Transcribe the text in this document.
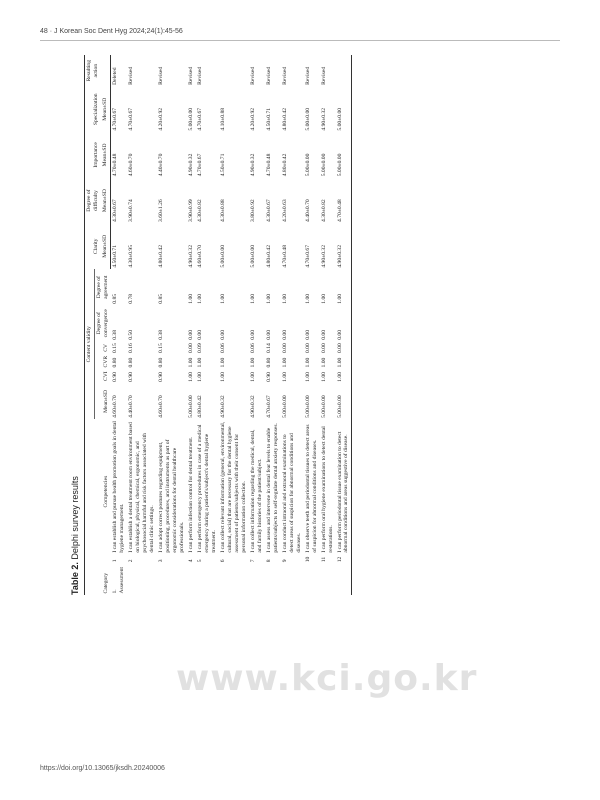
48 · J Korean Soc Dent Hyg 2024;24(1):45-56
Table 2. Delphi survey results
Category	Competencies		Content validity						Clarity	Degree of difficulty	Importance	Specialization	Resulting action
			Mean±SD	CVI	CVR	CV	Degree of convergence	Degree of agreement					
									Mean±SD	Mean±SD	Mean±SD	Mean±SD	
1. Assessment	1	I can establish and pursue health promotion goals in dental hygiene management.	4.60±0.70	0.90	0.80	0.15	0.38	0.85	4.50±0.71	4.30±0.67	4.70±0.48	4.70±0.67	Deleted
	2	I can establish a dental treatment room environment based on biological, physical, chemical, ergonomic, and psychosocial harmful and risk factors associated with dental clinic settings.	4.40±0.70	0.90	0.80	0.16	0.50	0.78	4.30±0.95	3.90±0.74	4.60±0.70	4.70±0.67	Revised
	3	I can adopt correct postures regarding equipment, positioning, procedures, and instruments as part of ergonomic considerations for dental healthcare professionals.	4.60±0.70	0.90	0.80	0.15	0.38	0.85	4.80±0.42	3.60±1.26	4.40±0.70	4.20±0.92	Revised
	4	I can perform infection control for dental treatment.	5.00±0.00	1.00	1.00	0.00	0.00	1.00	4.90±0.32	3.90±0.99	4.90±0.32	5.00±0.00	Revised
	5	I can perform emergency procedures in case of a medical emergency during a patient's/subject's dental hygiene treatment.	4.80±0.42	1.00	1.00	0.09	0.00	1.00	4.60±0.70	4.30±0.82	4.70±0.67	4.70±0.67	Revised
	6	I can collect relevant information (general, environmental, cultural, social) that are necessary for the dental hygiene assessment of patients/subjects with their consent for personal information collection.	4.90±0.32	1.00	1.00	0.06	0.00	1.00	5.00±0.00	4.30±0.88	4.50±0.71	4.10±0.88	
	7	I can collect information regarding the medical, dental, and family histories of the patient/subject.	4.90±0.32	1.00	1.00	0.06	0.00	1.00	5.00±0.00	3.80±0.92	4.90±0.32	4.20±0.92	Revised
	8	I can assess and intervene in dental fear levels to enable patients/subjects to self-regulate dental anxiety responses.	4.70±0.67	0.90	0.80	0.14	0.00	1.00	4.80±0.42	4.30±0.67	4.70±0.48	4.50±0.71	Revised
	9	I can conduct intraoral and extraoral examinations to detect areas of suspicion for abnormal conditions and diseases.	5.00±0.00	1.00	1.00	0.00	0.00	1.00	4.70±0.48	4.20±0.63	4.80±0.42	4.80±0.42	Revised
	10	I can observe teeth and periodontal tissues to detect areas of suspicion for abnormal conditions and diseases.	5.00±0.00	1.00	1.00	0.00	0.00	1.00	4.70±0.67	4.40±0.70	5.00±0.00	5.00±0.00	Revised
	11	I can perform oral hygiene examinations to detect dental restorations.	5.00±0.00	1.00	1.00	0.00	0.00	1.00	4.90±0.32	4.30±0.82	5.00±0.00	4.90±0.32	Revised
	12	I can perform periodontal tissue examination to detect abnormal conditions and areas suggestive of disease.	5.00±0.00	1.00	1.00	0.00	0.00	1.00	4.90±0.32	4.70±0.48	5.00±0.00	5.00±0.00	
www.kci.go.kr
https://doi.org/10.13065/jksdh.20240006
